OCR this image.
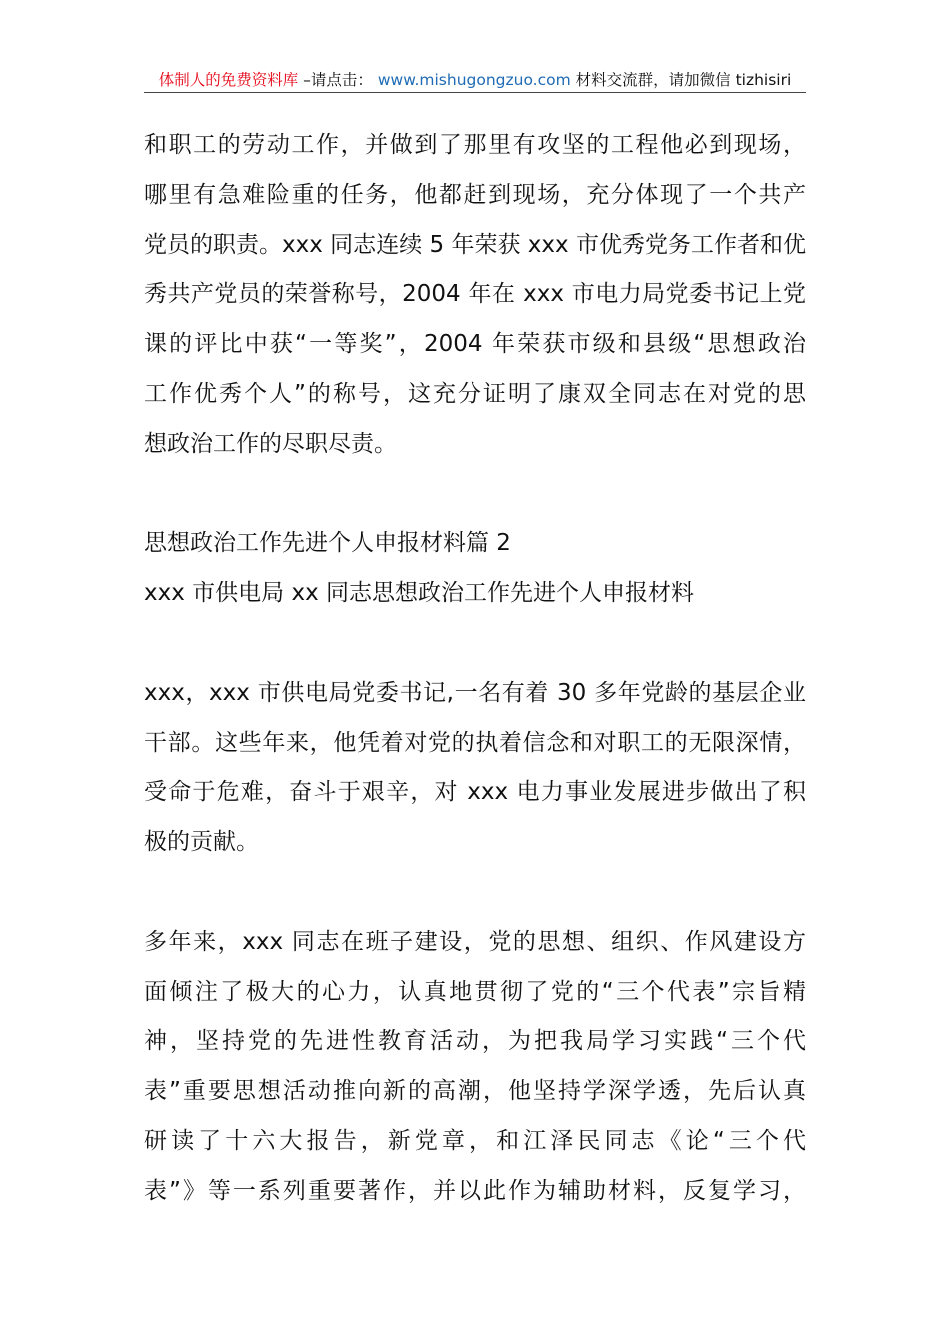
体制人的免费资料库 –请点击： www.mishugongzuo.com 材料交流群，请加微信 tizhisiri
和职工的劳动工作，并做到了那里有攻坚的工程他必到现场，
哪里有急难险重的任务，他都赶到现场，充分体现了一个共产
党员的职责。xxx 同志连续 5 年荣获 xxx 市优秀党务工作者和优
秀共产党员的荣誉称号，2004 年在 xxx 市电力局党委书记上党
课的评比中获“一等奖”，2004 年荣获市级和县级“思想政治
工作优秀个人”的称号，这充分证明了康双全同志在对党的思
想政治工作的尽职尽责。
思想政治工作先进个人申报材料篇 2
xxx 市供电局 xx 同志思想政治工作先进个人申报材料
xxx，xxx 市供电局党委书记,一名有着 30 多年党龄的基层企业
干部。这些年来，他凭着对党的执着信念和对职工的无限深情，
受命于危难，奋斗于艰辛，对 xxx 电力事业发展进步做出了积
极的贡献。
多年来，xxx 同志在班子建设，党的思想、组织、作风建设方
面倾注了极大的心力，认真地贯彻了党的“三个代表”宗旨精
神，坚持党的先进性教育活动，为把我局学习实践“三个代
表”重要思想活动推向新的高潮，他坚持学深学透，先后认真
研读了十六大报告，新党章，和江泽民同志《论“三个代
表”》等一系列重要著作，并以此作为辅助材料，反复学习，
